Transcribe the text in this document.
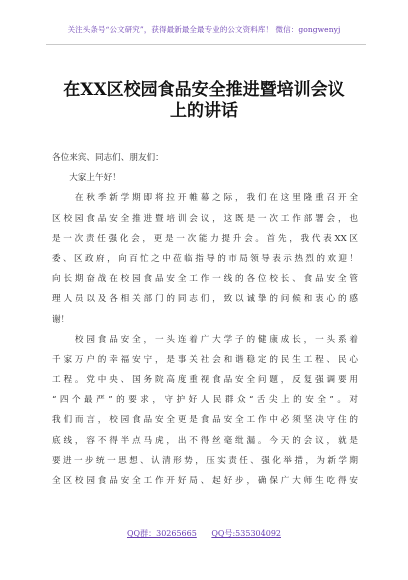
关注头条号“公文研究”，获得最新最全最专业的公文资料库！ 微信：gongwenyj
在XX区校园食品安全推进暨培训会议
上的讲话
各位来宾、同志们、朋友们：
　　大家上午好！
　　在秋季新学期即将拉开帷幕之际，我们在这里隆重召开全
区校园食品安全推进暨培训会议，这既是一次工作部署会，也
是一次责任强化会，更是一次能力提升会。首先，我代表XX区
委、区政府，向百忙之中莅临指导的市局领导表示热烈的欢迎！
向长期奋战在校园食品安全工作一线的各位校长、食品安全管
理人员以及各相关部门的同志们，致以诚挚的问候和衷心的感
谢！
　　校园食品安全，一头连着广大学子的健康成长，一头系着
千家万户的幸福安宁，是事关社会和谐稳定的民生工程、民心
工程。党中央、国务院高度重视食品安全问题，反复强调要用
“四个最严”的要求，守护好人民群众“舌尖上的安全”。对
我们而言，校园食品安全更是食品安全工作中必须坚决守住的
底线，容不得半点马虎，出不得丝毫纰漏。今天的会议，就是
要进一步统一思想、认清形势，压实责任、强化举措，为新学期
全区校园食品安全工作开好局、起好步，确保广大师生吃得安
QQ群：30265665 QQ号:535304092
